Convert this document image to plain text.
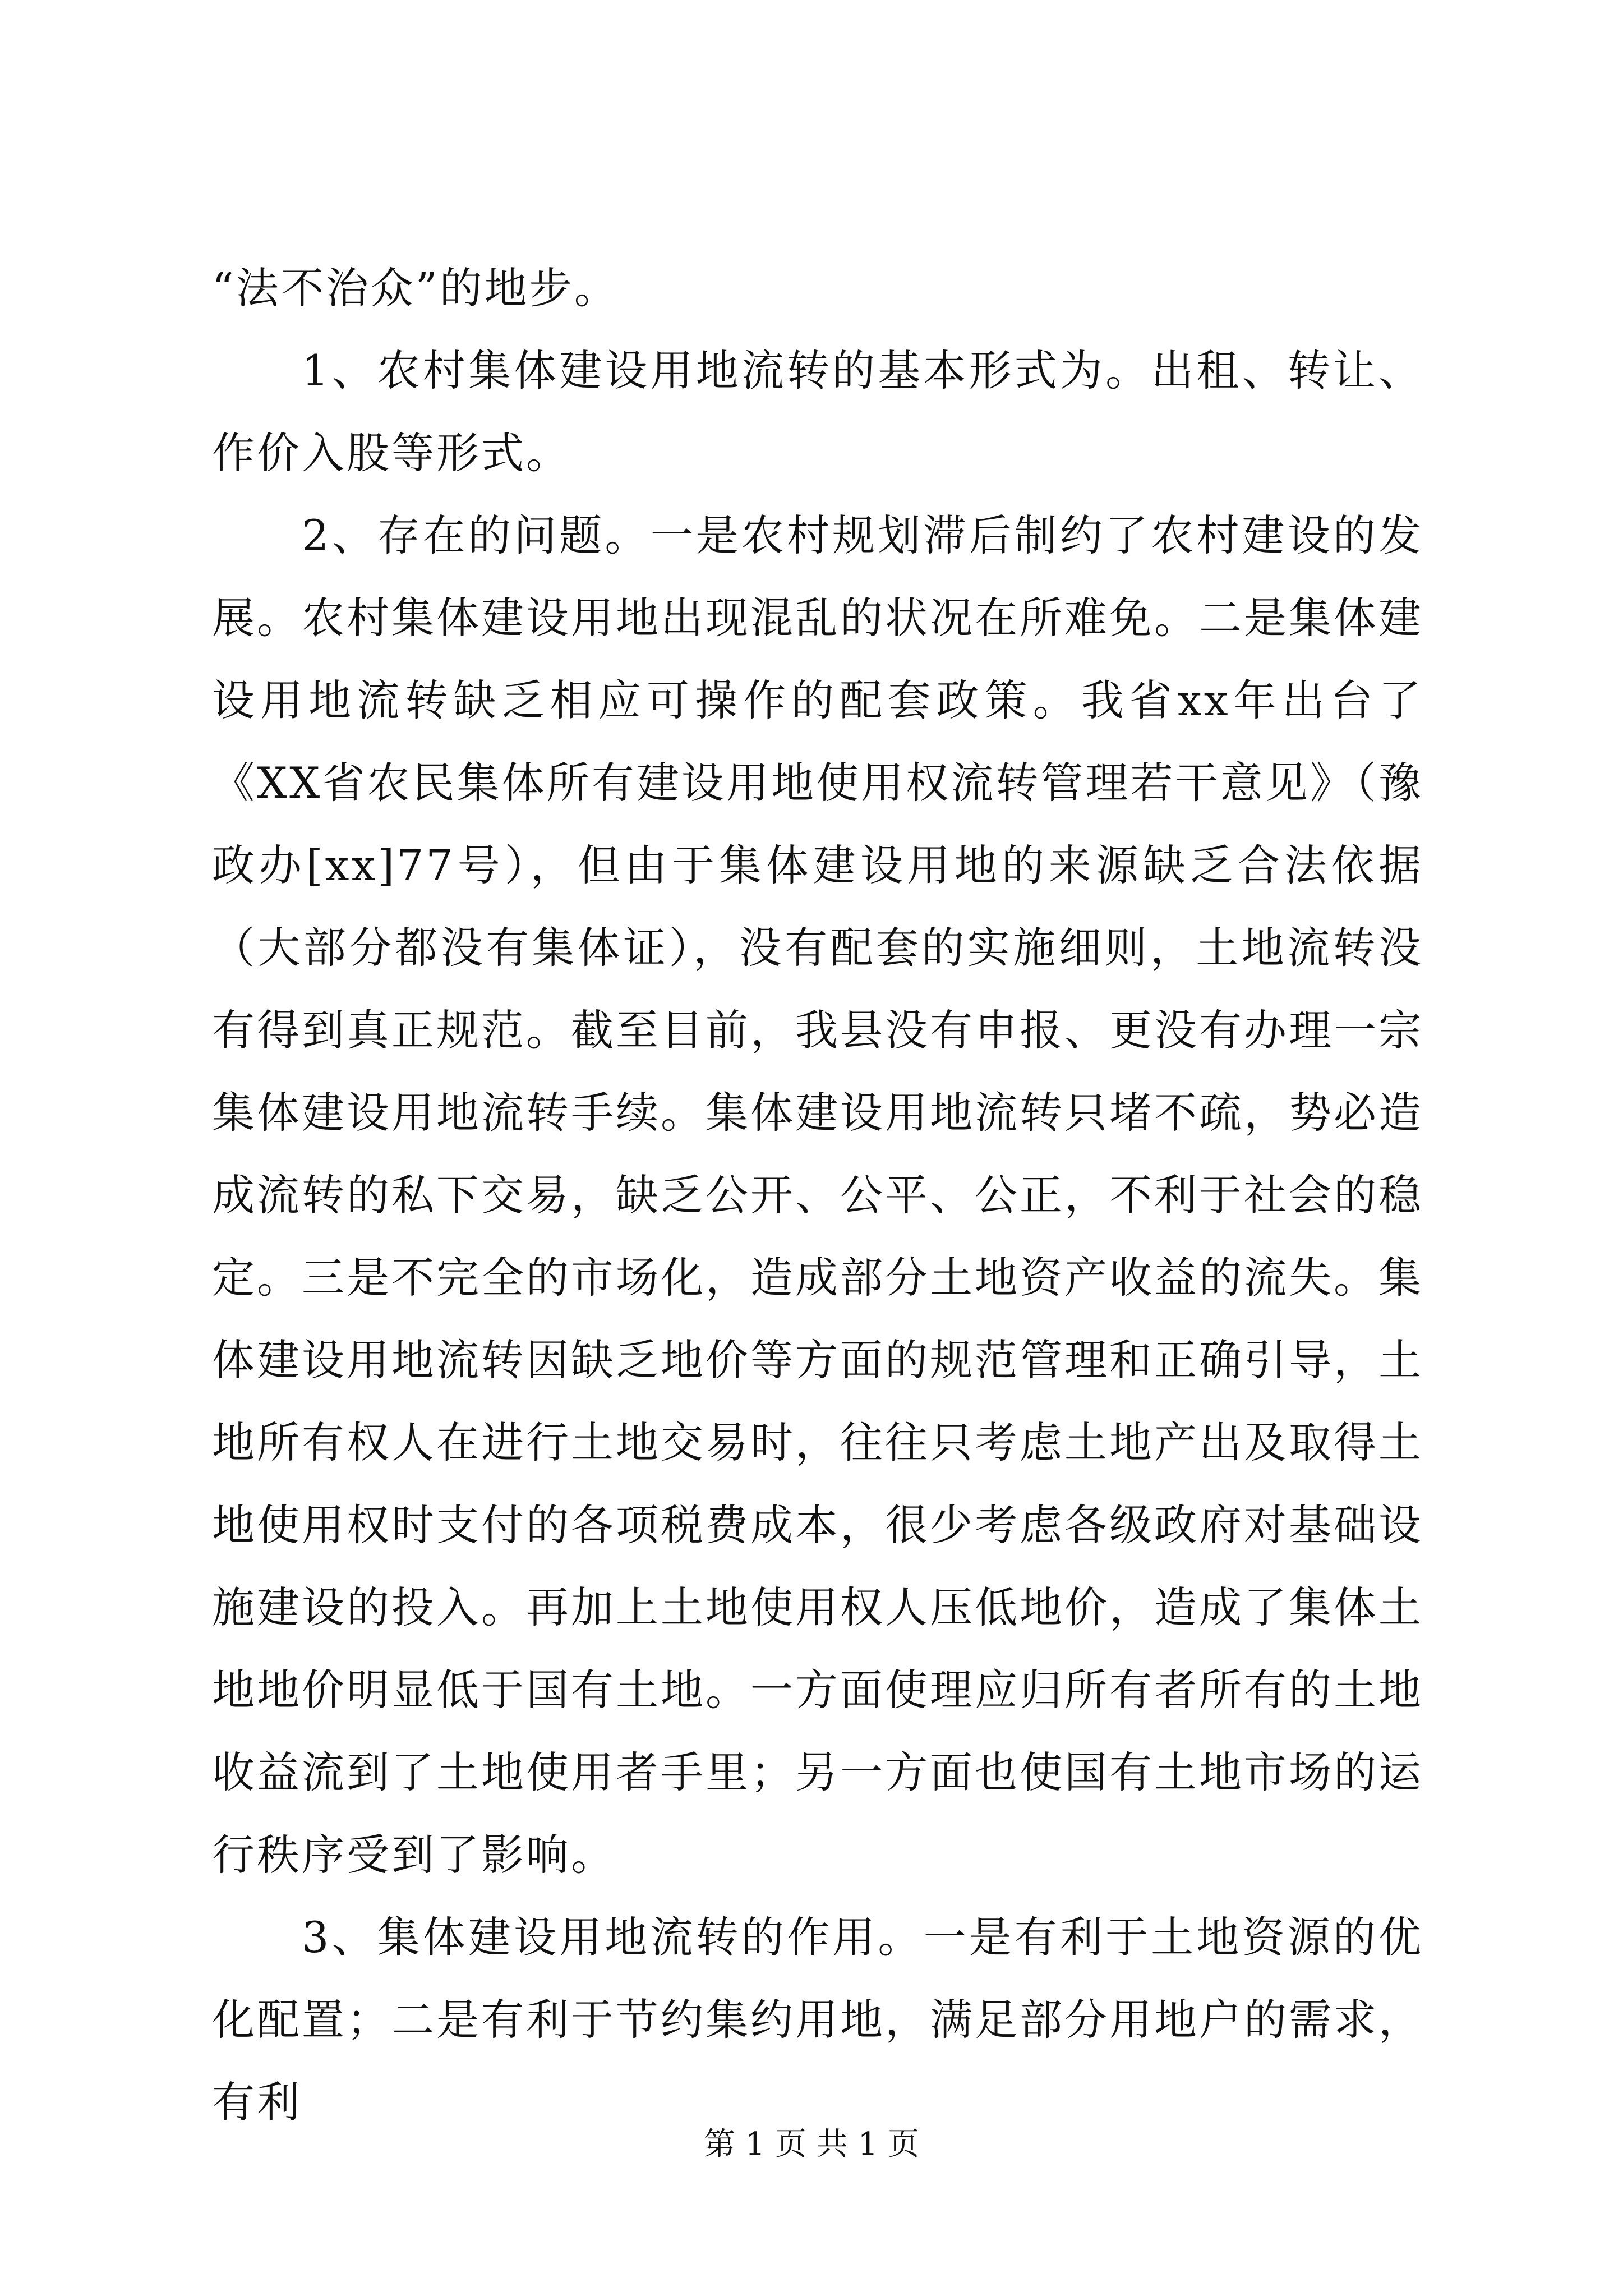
“法不治众”的地步。

1、农村集体建设用地流转的基本形式为。出租、转让、作价入股等形式。

2、存在的问题。一是农村规划滞后制约了农村建设的发展。农村集体建设用地出现混乱的状况在所难免。二是集体建设用地流转缺乏相应可操作的配套政策。我省xx年出台了《XX省农民集体所有建设用地使用权流转管理若干意见》（豫政办[xx]77号），但由于集体建设用地的来源缺乏合法依据（大部分都没有集体证），没有配套的实施细则，土地流转没有得到真正规范。截至目前，我县没有申报、更没有办理一宗集体建设用地流转手续。集体建设用地流转只堵不疏，势必造成流转的私下交易，缺乏公开、公平、公正，不利于社会的稳定。三是不完全的市场化，造成部分土地资产收益的流失。集体建设用地流转因缺乏地价等方面的规范管理和正确引导，土地所有权人在进行土地交易时，往往只考虑土地产出及取得土地使用权时支付的各项税费成本，很少考虑各级政府对基础设施建设的投入。再加上土地使用权人压低地价，造成了集体土地地价明显低于国有土地。一方面使理应归所有者所有的土地收益流到了土地使用者手里；另一方面也使国有土地市场的运行秩序受到了影响。

3、集体建设用地流转的作用。一是有利于土地资源的优化配置；二是有利于节约集约用地，满足部分用地户的需求，有利

第 1 页 共 1 页
